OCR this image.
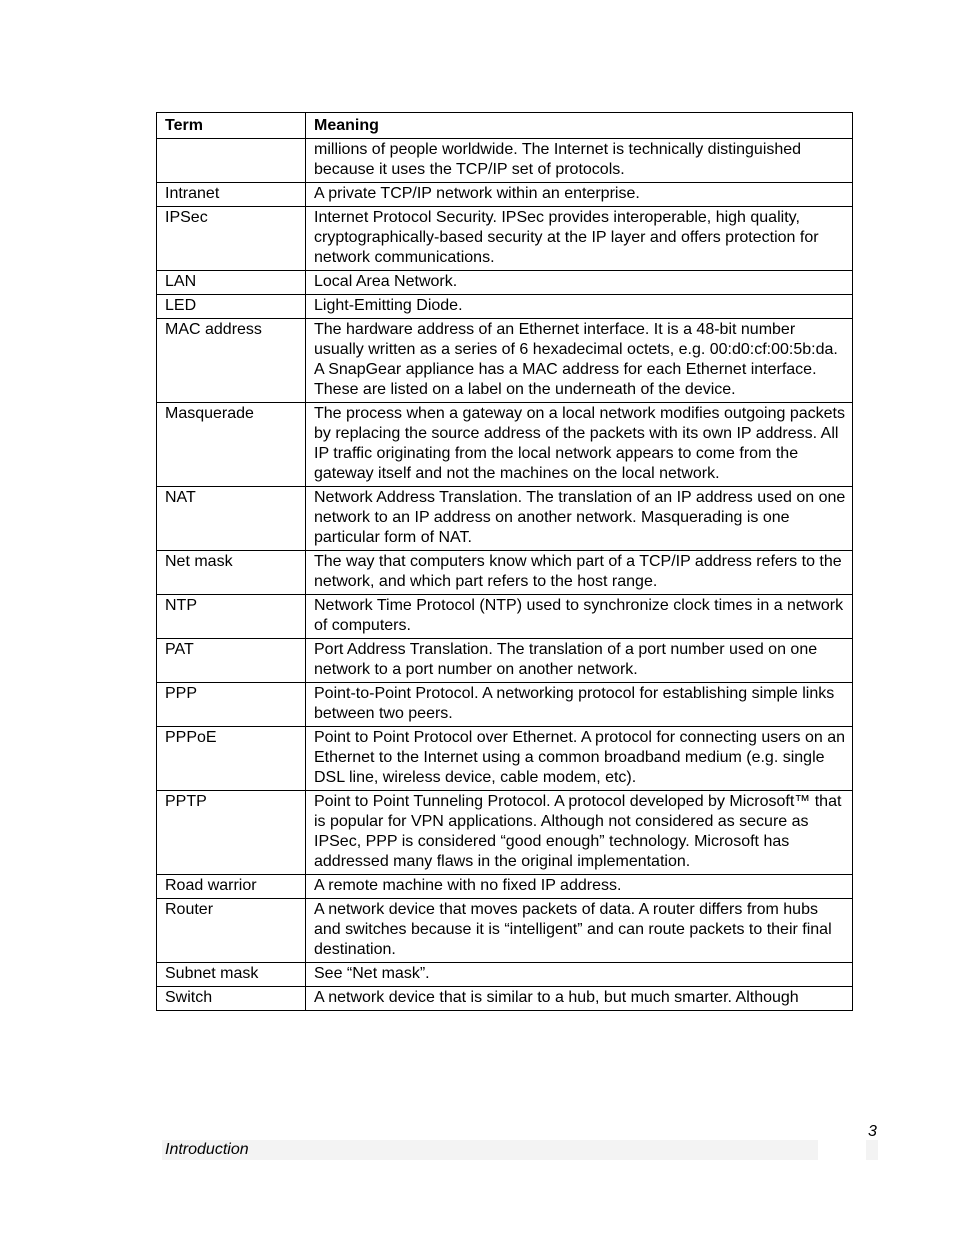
Term	Meaning
	millions of people worldwide. The Internet is technically distinguished because it uses the TCP/IP set of protocols.
Intranet	A private TCP/IP network within an enterprise.
IPSec	Internet Protocol Security. IPSec provides interoperable, high quality, cryptographically-based security at the IP layer and offers protection for network communications.
LAN	Local Area Network.
LED	Light-Emitting Diode.
MAC address	The hardware address of an Ethernet interface. It is a 48-bit number usually written as a series of 6 hexadecimal octets, e.g. 00:d0:cf:00:5b:da. A SnapGear appliance has a MAC address for each Ethernet interface. These are listed on a label on the underneath of the device.
Masquerade	The process when a gateway on a local network modifies outgoing packets by replacing the source address of the packets with its own IP address. All IP traffic originating from the local network appears to come from the gateway itself and not the machines on the local network.
NAT	Network Address Translation. The translation of an IP address used on one network to an IP address on another network. Masquerading is one particular form of NAT.
Net mask	The way that computers know which part of a TCP/IP address refers to the network, and which part refers to the host range.
NTP	Network Time Protocol (NTP) used to synchronize clock times in a network of computers.
PAT	Port Address Translation. The translation of a port number used on one network to a port number on another network.
PPP	Point-to-Point Protocol. A networking protocol for establishing simple links between two peers.
PPPoE	Point to Point Protocol over Ethernet. A protocol for connecting users on an Ethernet to the Internet using a common broadband medium (e.g. single DSL line, wireless device, cable modem, etc).
PPTP	Point to Point Tunneling Protocol. A protocol developed by Microsoft™ that is popular for VPN applications. Although not considered as secure as IPSec, PPP is considered “good enough” technology. Microsoft has addressed many flaws in the original implementation.
Road warrior	A remote machine with no fixed IP address.
Router	A network device that moves packets of data. A router differs from hubs and switches because it is “intelligent” and can route packets to their final destination.
Subnet mask	See “Net mask”.
Switch	A network device that is similar to a hub, but much smarter. Although
Introduction
3
